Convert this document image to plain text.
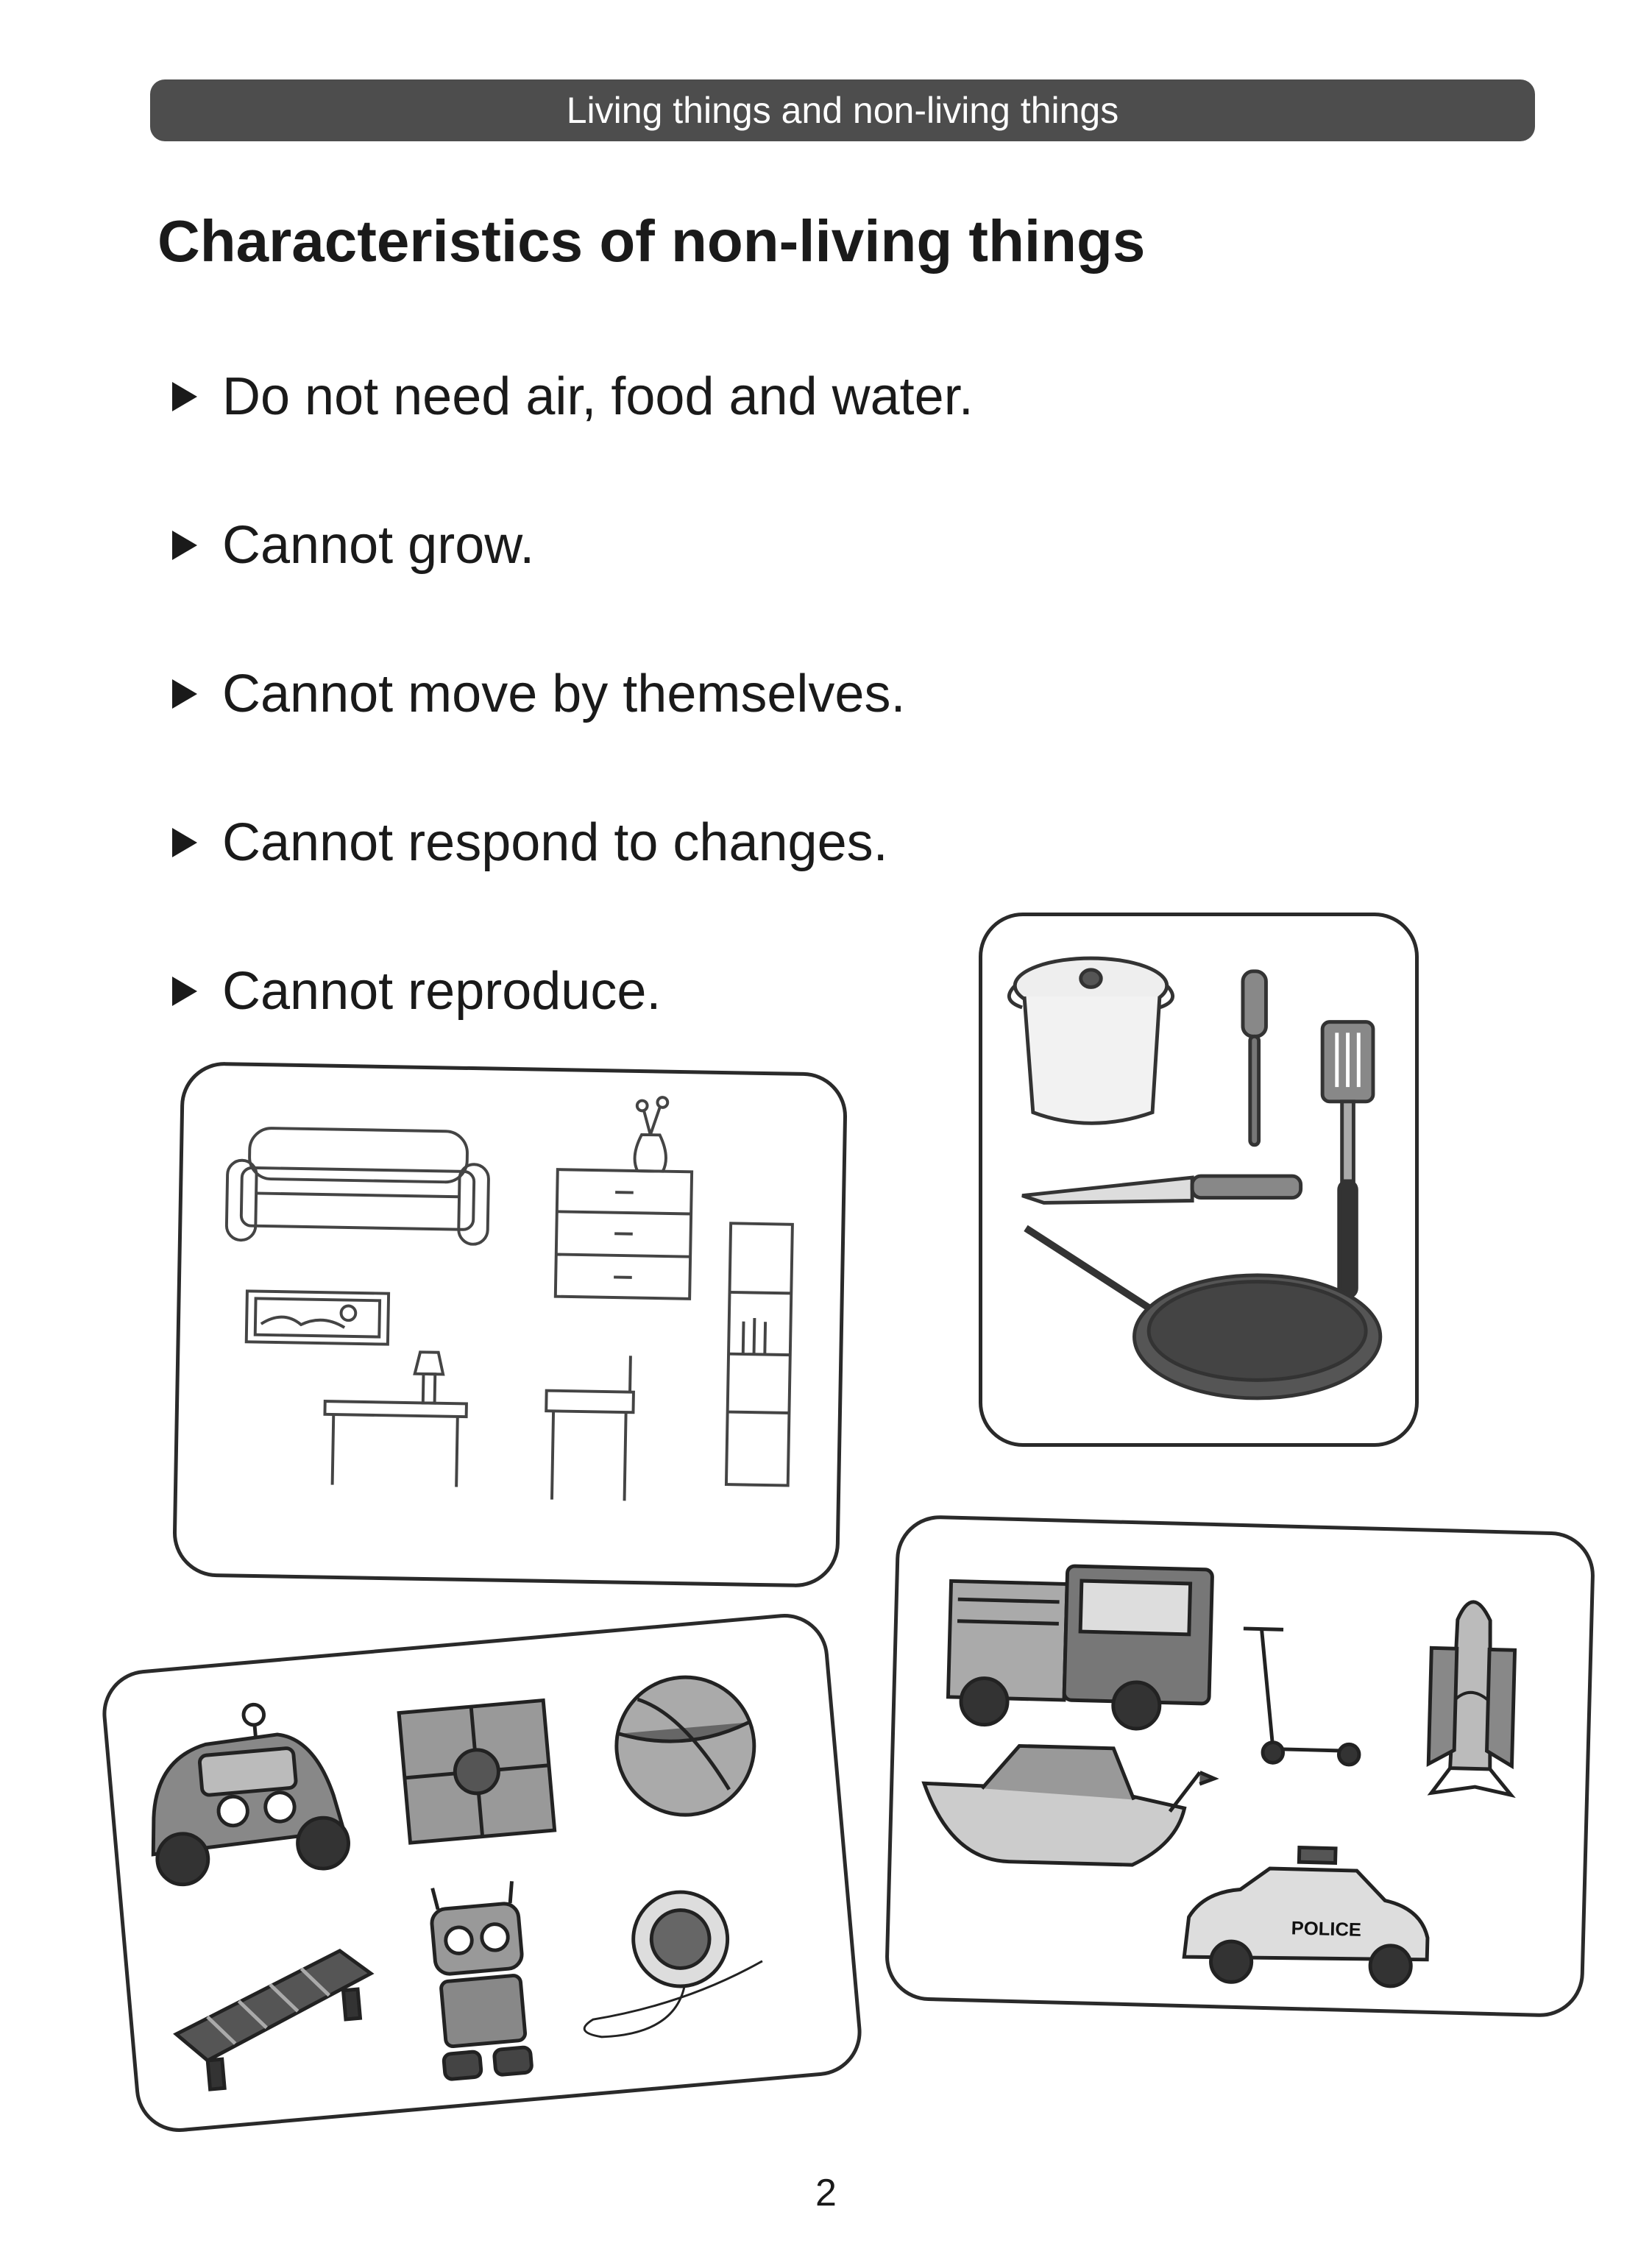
Living things and non-living things
Characteristics of non-living things
Do not need air, food and water.
Cannot grow.
Cannot move by themselves.
Cannot respond to changes.
Cannot reproduce.
POLICE
2
